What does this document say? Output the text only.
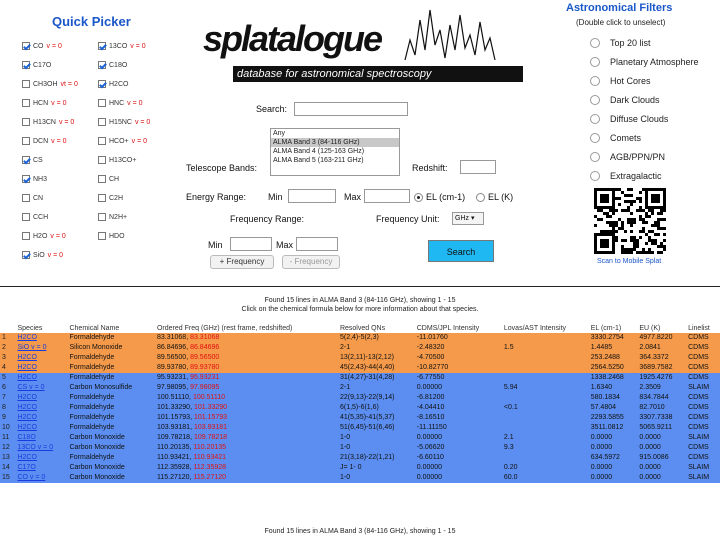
Quick Picker
CO v = 0	13CO v = 0
C17O	C18O
CH3OH vt = 0	H2CO
HCN v = 0	HNC v = 0
H13CN v = 0	H15NC v = 0
DCN v = 0	HCO+ v = 0
CS	H13CO+
NH3	CH
CN	C2H
CCH	N2H+
H2O v = 0	HDO
SiO v = 0
splatalogue
database for astronomical spectroscopy
Search:
Any
ALMA Band 3 (84-116 GHz)
ALMA Band 4 (125-163 GHz)
ALMA Band 5 (163-211 GHz)
Telescope Bands:	Redshift:
Energy Range: Min	Max	EL (cm-1)	EL (K)
Frequency Range:	Frequency Unit:	GHz ▾
Min	Max
+ Frequency	- Frequency
Search
Astronomical Filters
(Double click to unselect)
Top 20 list
Planetary Atmosphere
Hot Cores
Dark Clouds
Diffuse Clouds
Comets
AGB/PPN/PN
Extragalactic
Scan to Mobile Splat
Found 15 lines in ALMA Band 3 (84-116 GHz), showing 1 - 15
Click on the chemical formula below for more information about that species.
	Species	Chemical Name	Ordered Freq (GHz) (rest frame, redshifted)	Resolved QNs	CDMS/JPL Intensity	Lovas/AST Intensity	EL (cm-1)	EU (K)	Linelist
1	H2CO	Formaldehyde	83.31068, 83.31068	5(2,4)-5(2,3)	-11.01760		3330.2754	4977.8220	CDMS
2	SiO v = 0	Silicon Monoxide	86.84696, 86.84696	2-1	-2.48320	1.5	1.4485	2.0841	CDMS
3	H2CO	Formaldehyde	89.56500, 89.56500	13(2,11)-13(2,12)	-4.70500		253.2488	364.3372	CDMS
4	H2CO	Formaldehyde	89.93780, 89.93780	45(2,43)-44(4,40)	-10.82770		2564.5250	3689.7582	CDMS
5	H2CO	Formaldehyde	95.93231, 95.93231	31(4,27)-31(4,28)	-6.77550		1338.2468	1925.4276	CDMS
6	CS v = 0	Carbon Monosulfide	97.98095, 97.98095	2-1	0.00000	5.94	1.6340	2.3509	SLAIM
7	H2CO	Formaldehyde	100.51110, 100.51110	22(9,13)-22(9,14)	-6.81200		580.1834	834.7844	CDMS
8	H2CO	Formaldehyde	101.33290, 101.33290	6(1,5)-6(1,6)	-4.04410	<0.1	57.4804	82.7010	CDMS
9	H2CO	Formaldehyde	101.15793, 101.15793	41(5,35)-41(5,37)	-8.16510		2293.5855	3307.7338	CDMS
10	H2CO	Formaldehyde	103.93181, 103.93181	51(6,45)-51(6,46)	-11.11150		3511.0812	5065.9211	CDMS
11	C18O	Carbon Monoxide	109.78218, 109.78218	1-0	0.00000	2.1	0.0000	0.0000	SLAIM
12	13CO v = 0	Carbon Monoxide	110.20135, 110.20135	1-0	-5.06620	9.3	0.0000	0.0000	CDMS
13	H2CO	Formaldehyde	110.93421, 110.93421	21(3,18)-22(1,21)	-6.60110		634.5972	915.0086	CDMS
14	C17O	Carbon Monoxide	112.35928, 112.35928	J= 1- 0	0.00000	0.20	0.0000	0.0000	SLAIM
15	CO v = 0	Carbon Monoxide	115.27120, 115.27120	1-0	0.00000	60.0	0.0000	0.0000	SLAIM
Found 15 lines in ALMA Band 3 (84-116 GHz), showing 1 - 15
